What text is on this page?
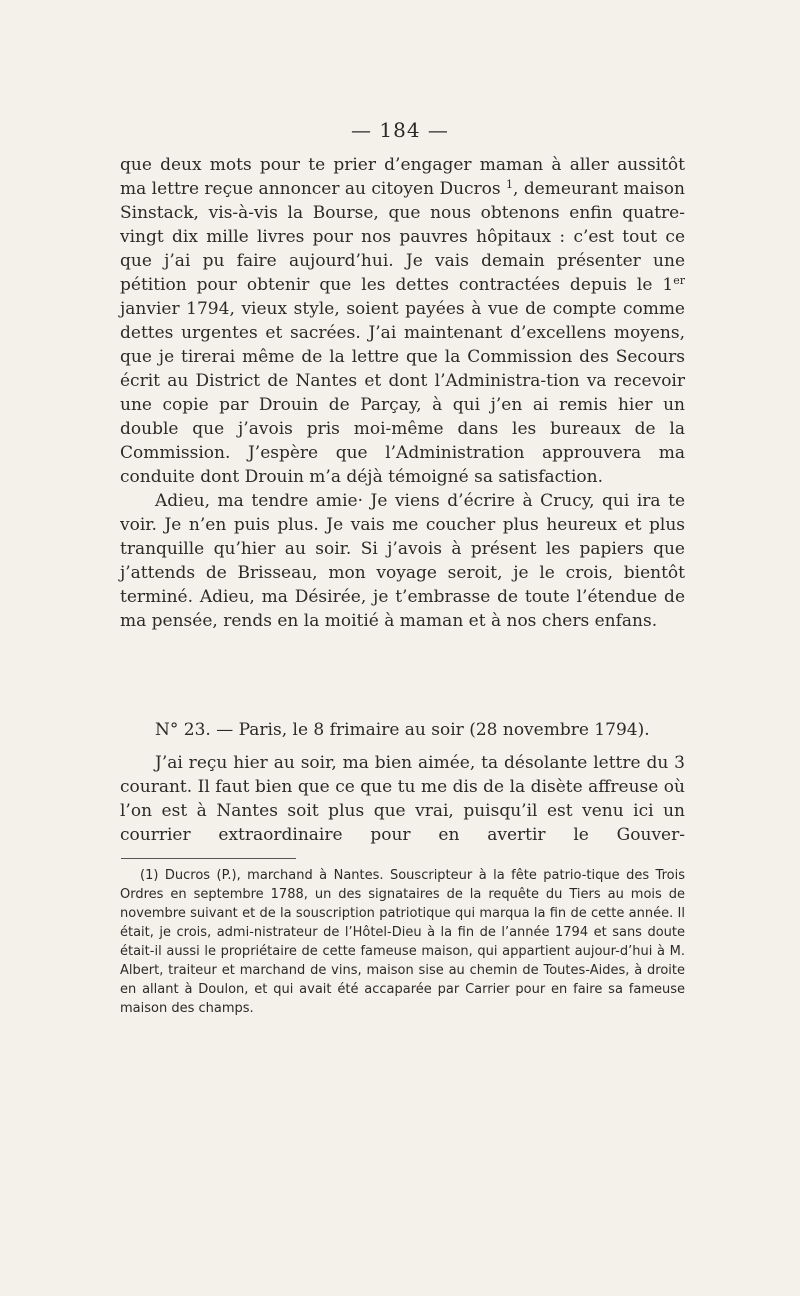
— 184 —

que deux mots pour te prier d’engager maman à aller aussitôt ma lettre reçue annoncer au citoyen Ducros $^1$, demeurant maison Sinstack, vis-à-vis la Bourse, que nous obtenons enfin quatre-vingt dix mille livres pour nos pauvres hôpitaux : c’est tout ce que j’ai pu faire aujourd’hui. Je vais demain présenter une pétition pour obtenir que les dettes contractées depuis le 1er janvier 1794, vieux style, soient payées à vue de compte comme dettes urgentes et sacrées. J’ai maintenant d’excellens moyens, que je tirerai même de la lettre que la Commission des Secours écrit au District de Nantes et dont l’Administra-tion va recevoir une copie par Drouin de Parçay, à qui j’en ai remis hier un double que j’avois pris moi-même dans les bureaux de la Commission. J’espère que l’Administration approuvera ma conduite dont Drouin m’a déjà témoigné sa satisfaction.

Adieu, ma tendre amie· Je viens d’écrire à Crucy, qui ira te voir. Je n’en puis plus. Je vais me coucher plus heureux et plus tranquille qu’hier au soir. Si j’avois à présent les papiers que j’attends de Brisseau, mon voyage seroit, je le crois, bientôt terminé. Adieu, ma Désirée, je t’embrasse de toute l’étendue de ma pensée, rends en la moitié à maman et à nos chers enfans.

N° 23. — Paris, le 8 frimaire au soir (28 novembre 1794).

J’ai reçu hier au soir, ma bien aimée, ta désolante lettre du 3 courant. Il faut bien que ce que tu me dis de la disète affreuse où l’on est à Nantes soit plus que vrai, puisqu’il est venu ici un courrier extraordinaire pour en avertir le Gouver-

(1) Ducros (P.), marchand à Nantes. Souscripteur à la fête patrio-tique des Trois Ordres en septembre 1788, un des signataires de la requête du Tiers au mois de novembre suivant et de la souscription patriotique qui marqua la fin de cette année. Il était, je crois, admi-nistrateur de l’Hôtel-Dieu à la fin de l’année 1794 et sans doute était-il aussi le propriétaire de cette fameuse maison, qui appartient aujour-d’hui à M. Albert, traiteur et marchand de vins, maison sise au chemin de Toutes-Aides, à droite en allant à Doulon, et qui avait été accaparée par Carrier pour en faire sa fameuse maison des champs.
